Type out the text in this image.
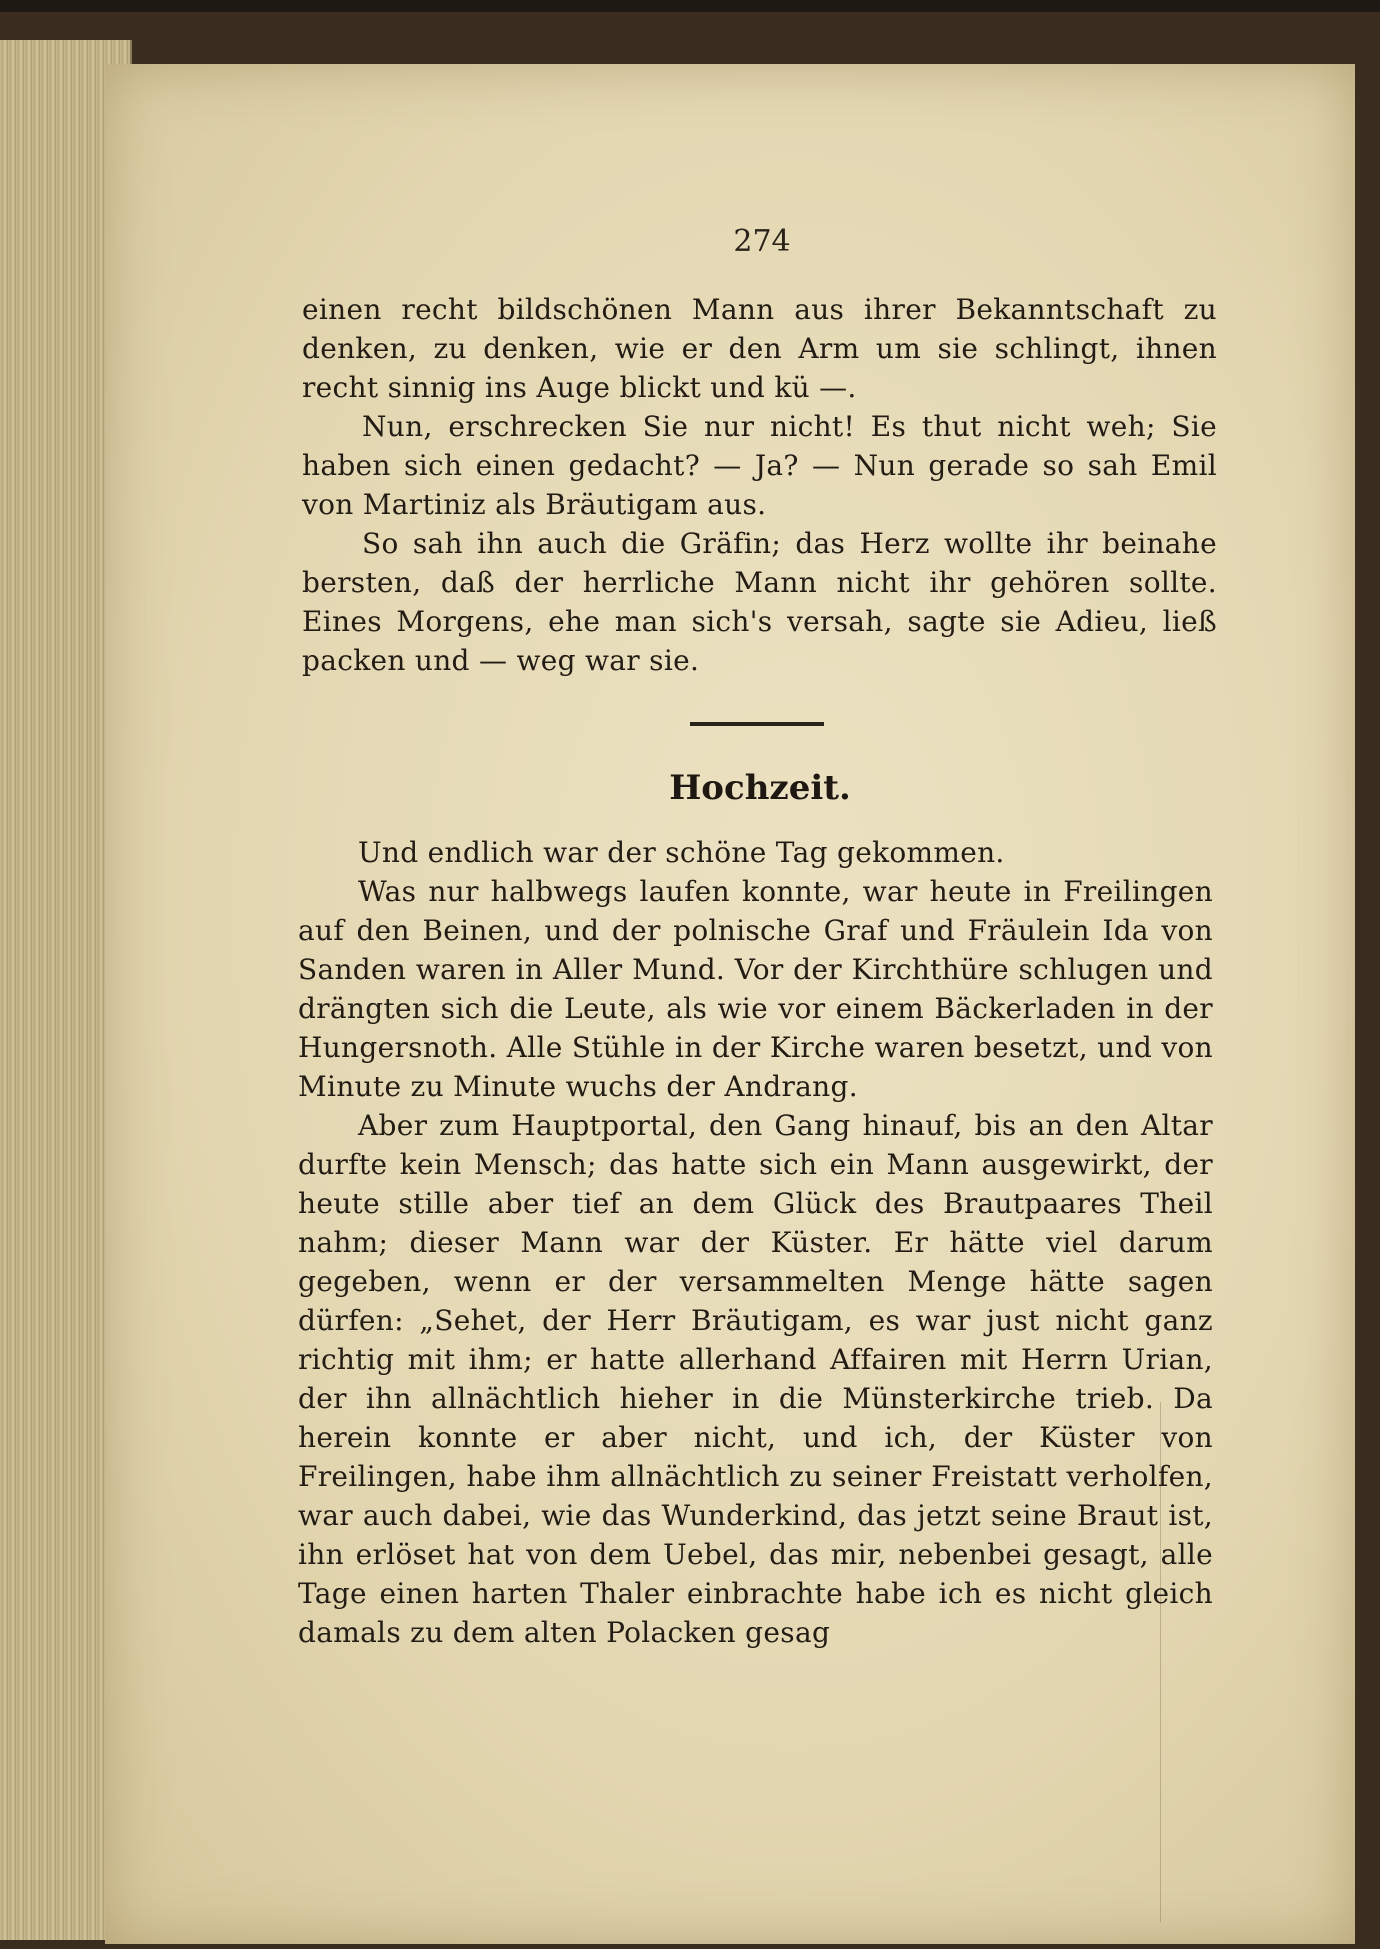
274

einen recht bildschönen Mann aus ihrer Bekanntschaft zu denken, zu denken, wie er den Arm um sie schlingt, ihnen recht sinnig ins Auge blickt und kü —.

Nun, erschrecken Sie nur nicht! Es thut nicht weh; Sie haben sich einen gedacht? — Ja? — Nun gerade so sah Emil von Martiniz als Bräutigam aus.

So sah ihn auch die Gräfin; das Herz wollte ihr beinahe bersten, daß der herrliche Mann nicht ihr gehören sollte. Eines Morgens, ehe man sich's versah, sagte sie Adieu, ließ packen und — weg war sie.

Hochzeit.

Und endlich war der schöne Tag gekommen.

Was nur halbwegs laufen konnte, war heute in Freilingen auf den Beinen, und der polnische Graf und Fräulein Ida von Sanden waren in Aller Mund. Vor der Kirchthüre schlugen und drängten sich die Leute, als wie vor einem Bäckerladen in der Hungersnoth. Alle Stühle in der Kirche waren besetzt, und von Minute zu Minute wuchs der Andrang.

Aber zum Hauptportal, den Gang hinauf, bis an den Altar durfte kein Mensch; das hatte sich ein Mann ausgewirkt, der heute stille aber tief an dem Glück des Brautpaares Theil nahm; dieser Mann war der Küster. Er hätte viel darum gegeben, wenn er der versammelten Menge hätte sagen dürfen: „Sehet, der Herr Bräutigam, es war just nicht ganz richtig mit ihm; er hatte allerhand Affairen mit Herrn Urian, der ihn allnächtlich hieher in die Münsterkirche trieb. Da herein konnte er aber nicht, und ich, der Küster von Freilingen, habe ihm allnächtlich zu seiner Freistatt verholfen, war auch dabei, wie das Wunderkind, das jetzt seine Braut ist, ihn erlöset hat von dem Uebel, das mir, nebenbei gesagt, alle Tage einen harten Thaler einbrachte habe ich es nicht gleich damals zu dem alten Polacken gesag
